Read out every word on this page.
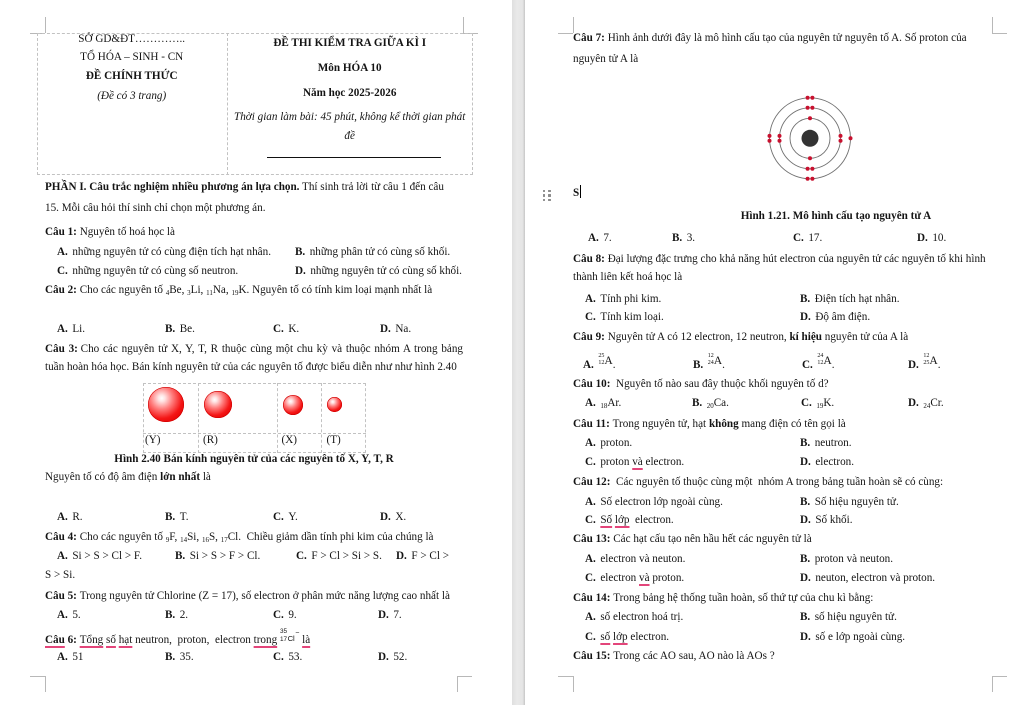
SỞ GD&ĐT…………..
TỔ HÓA – SINH - CN
ĐỀ CHÍNH THỨC
(Đề có 3 trang)
ĐỀ THI KIỂM TRA GIỮA KÌ I
Môn HÓA 10
Năm học 2025-2026
Thời gian làm bài: 45 phút, không kể thời gian phát đề
PHẦN I. Câu trắc nghiệm nhiều phương án lựa chọn. Thí sinh trả lời từ câu 1 đến câu 15. Mỗi câu hỏi thí sinh chỉ chọn một phương án.
Câu 1: Nguyên tố hoá học là
A. những nguyên tử có cùng điện tích hạt nhân. B. những phân tử có cùng số khối.
C. những nguyên tử có cùng số neutron.	D. những nguyên tử có cùng số khối.
Câu 2: Cho các nguyên tố 4Be, 3Li, 11Na, 19K. Nguyên tố có tính kim loại mạnh nhất là
A. Li.	B. Be.	C. K.	D. Na.
Câu 3: Cho các nguyên tử X, Y, T, R thuộc cùng một chu kỳ và thuộc nhóm A trong bảng tuần hoàn hóa học. Bán kính nguyên tử của các nguyên tố được biểu diễn như như hình 2.40
(Y)	(R)	(X)	(T)
Hình 2.40 Bán kính nguyên tử của các nguyên tố X, Y, T, R
Nguyên tố có độ âm điện lớn nhất là
A. R.	B. T.	C. Y.	D. X.
Câu 4: Cho các nguyên tố 9F, 14Si, 16S, 17Cl.  Chiều giảm dần tính phi kim của chúng là
A. Si > S > Cl > F.	B. Si > S > F > Cl.	C. F > Cl > Si > S. D. F > Cl > S > Si.
Câu 5: Trong nguyên tử Chlorine (Z = 17), số electron ở phân mức năng lượng cao nhất là
A. 5.	B. 2.	C. 9.	D. 7.
Câu 6: Tổng số hạt neutron,  proton,  electron trong
35
17 $^{Cl-}$ là
A. 51	B. 35.	C. 53.	D. 52.
Câu 7: Hình ảnh dưới đây là mô hình cấu tạo của nguyên tử nguyên tố A. Số proton của nguyên tử A là
S
Hình 1.21. Mô hình cấu tạo nguyên tử A
A. 7.	B. 3.	C. 17.	D. 10.
Câu 8: Đại lượng đặc trưng cho khả năng hút electron của nguyên tử các nguyên tố khi hình thành liên kết hoá học là
A. Tính phi kim.	B. Điện tích hạt nhân.
C. Tính kim loại.	D. Độ âm điện.
Câu 9: Nguyên tử A có 12 electron, 12 neutron, kí hiệu nguyên tử của A là
A.
25
12 A.	B.
12
24 A.	C.
24
12 A.	D.
12
25 A.
Câu 10: Nguyên tố nào sau đây thuộc khối nguyên tố d?
A. 18Ar.	B. 20Ca.	C. 19K.	D. 24Cr.
Câu 11: Trong nguyên tử, hạt không mang điện có tên gọi là
A. proton.	B. neutron.
C. proton và electron.	D. electron.
Câu 12: Các nguyên tố thuộc cùng một  nhóm A trong bảng tuần hoàn sẽ có cùng:
A. Số electron lớp ngoài cùng.	B. Số hiệu nguyên tử.
C. Số lớp  electron.	D. Số khối.
Câu 13: Các hạt cấu tạo nên hầu hết các nguyên tử là
A. electron và neuton.	B. proton và neuton.
C. electron và proton.	D. neuton, electron và proton.
Câu 14: Trong bảng hệ thống tuần hoàn, số thứ tự của chu kì bằng:
A. số electron hoá trị.	B. số hiệu nguyên tử.
C. số lớp electron.	D. số e lớp ngoài cùng.
Câu 15: Trong các AO sau, AO nào là AOs ?
